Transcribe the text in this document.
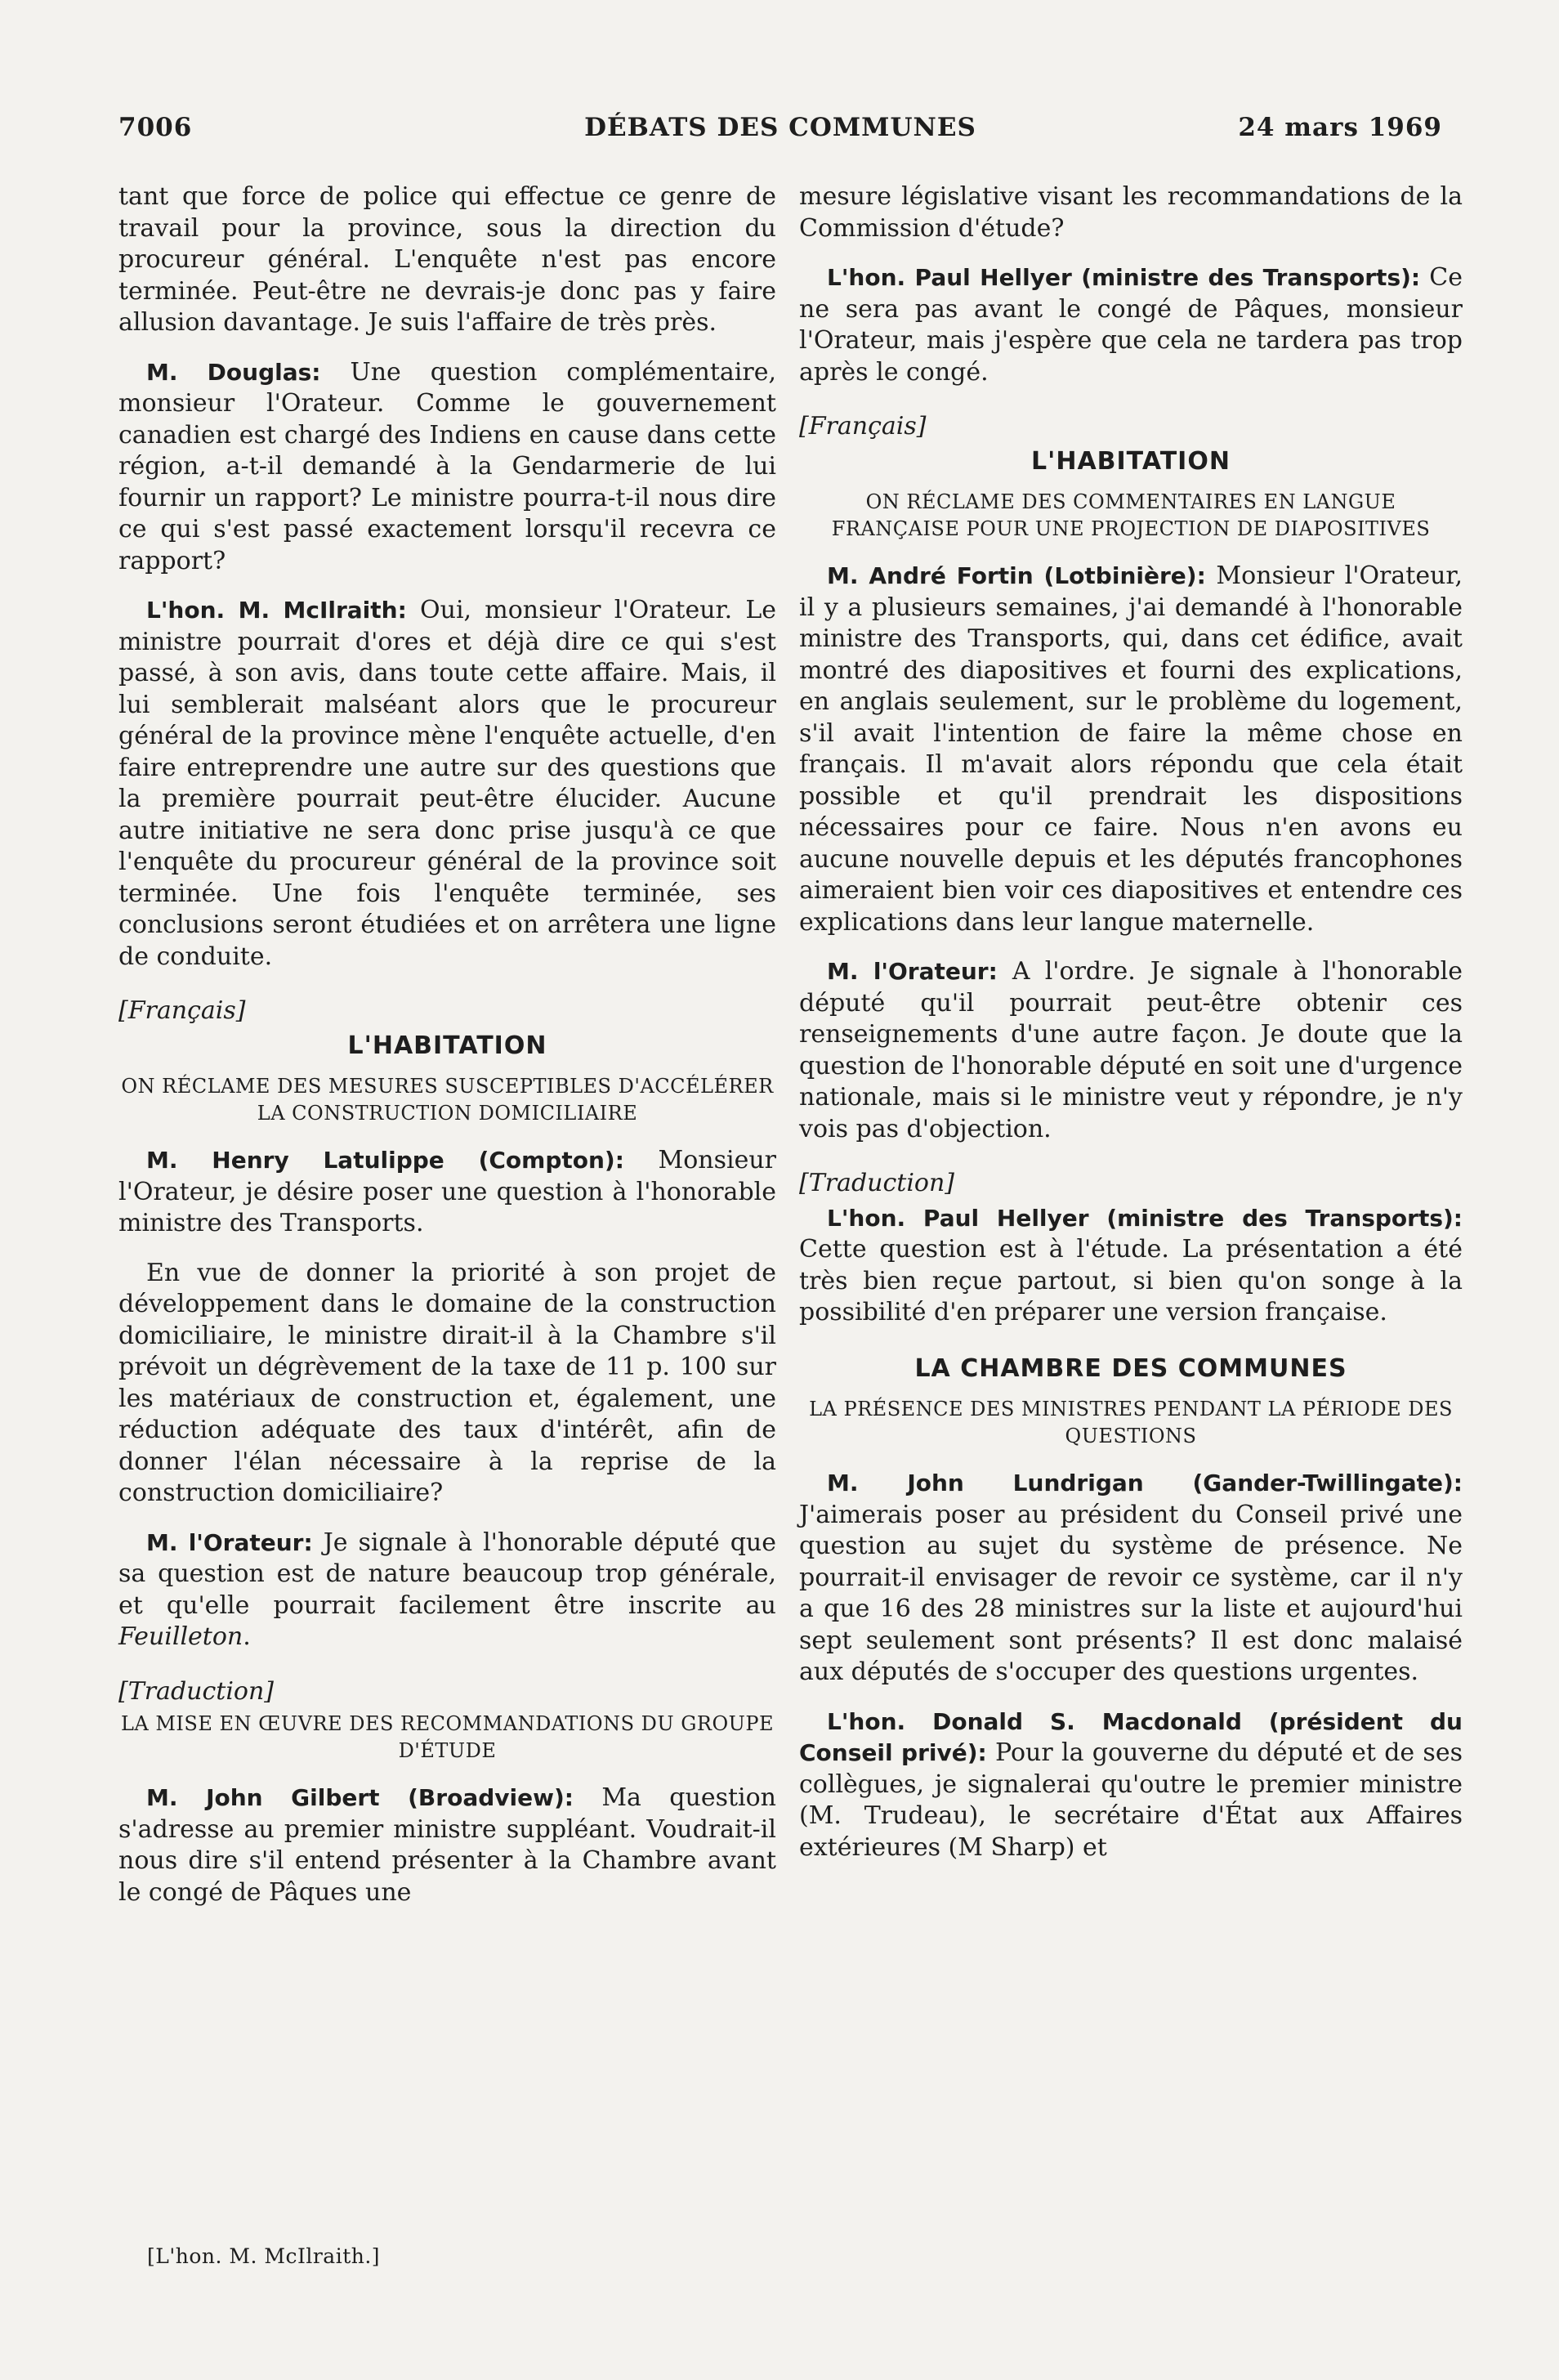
7006	DÉBATS DES COMMUNES	24 mars 1969

tant que force de police qui effectue ce genre de travail pour la province, sous la direction du procureur général. L'enquête n'est pas encore terminée. Peut-être ne devrais-je donc pas y faire allusion davantage. Je suis l'affaire de très près.

M. Douglas: Une question complémentaire, monsieur l'Orateur. Comme le gouvernement canadien est chargé des Indiens en cause dans cette région, a-t-il demandé à la Gendarmerie de lui fournir un rapport? Le ministre pourra-t-il nous dire ce qui s'est passé exactement lorsqu'il recevra ce rapport?

L'hon. M. McIlraith: Oui, monsieur l'Orateur. Le ministre pourrait d'ores et déjà dire ce qui s'est passé, à son avis, dans toute cette affaire. Mais, il lui semblerait malséant alors que le procureur général de la province mène l'enquête actuelle, d'en faire entreprendre une autre sur des questions que la première pourrait peut-être élucider. Aucune autre initiative ne sera donc prise jusqu'à ce que l'enquête du procureur général de la province soit terminée. Une fois l'enquête terminée, ses conclusions seront étudiées et on arrêtera une ligne de conduite.

[Français]
L'HABITATION
ON RÉCLAME DES MESURES SUSCEPTIBLES D'ACCÉLÉRER LA CONSTRUCTION DOMICILIAIRE

M. Henry Latulippe (Compton): Monsieur l'Orateur, je désire poser une question à l'honorable ministre des Transports.

En vue de donner la priorité à son projet de développement dans le domaine de la construction domiciliaire, le ministre dirait-il à la Chambre s'il prévoit un dégrèvement de la taxe de 11 p. 100 sur les matériaux de construction et, également, une réduction adéquate des taux d'intérêt, afin de donner l'élan nécessaire à la reprise de la construction domiciliaire?

M. l'Orateur: Je signale à l'honorable député que sa question est de nature beaucoup trop générale, et qu'elle pourrait facilement être inscrite au Feuilleton.

[Traduction]
LA MISE EN ŒUVRE DES RECOMMANDATIONS DU GROUPE D'ÉTUDE

M. John Gilbert (Broadview): Ma question s'adresse au premier ministre suppléant. Voudrait-il nous dire s'il entend présenter à la Chambre avant le congé de Pâques une

[L'hon. M. McIlraith.]

mesure législative visant les recommandations de la Commission d'étude?

L'hon. Paul Hellyer (ministre des Transports): Ce ne sera pas avant le congé de Pâques, monsieur l'Orateur, mais j'espère que cela ne tardera pas trop après le congé.

[Français]
L'HABITATION
ON RÉCLAME DES COMMENTAIRES EN LANGUE FRANÇAISE POUR UNE PROJECTION DE DIAPOSITIVES

M. André Fortin (Lotbinière): Monsieur l'Orateur, il y a plusieurs semaines, j'ai demandé à l'honorable ministre des Transports, qui, dans cet édifice, avait montré des diapositives et fourni des explications, en anglais seulement, sur le problème du logement, s'il avait l'intention de faire la même chose en français. Il m'avait alors répondu que cela était possible et qu'il prendrait les dispositions nécessaires pour ce faire. Nous n'en avons eu aucune nouvelle depuis et les députés francophones aimeraient bien voir ces diapositives et entendre ces explications dans leur langue maternelle.

M. l'Orateur: A l'ordre. Je signale à l'honorable député qu'il pourrait peut-être obtenir ces renseignements d'une autre façon. Je doute que la question de l'honorable député en soit une d'urgence nationale, mais si le ministre veut y répondre, je n'y vois pas d'objection.

[Traduction]

L'hon. Paul Hellyer (ministre des Transports): Cette question est à l'étude. La présentation a été très bien reçue partout, si bien qu'on songe à la possibilité d'en préparer une version française.

LA CHAMBRE DES COMMUNES
LA PRÉSENCE DES MINISTRES PENDANT LA PÉRIODE DES QUESTIONS

M. John Lundrigan (Gander-Twillingate): J'aimerais poser au président du Conseil privé une question au sujet du système de présence. Ne pourrait-il envisager de revoir ce système, car il n'y a que 16 des 28 ministres sur la liste et aujourd'hui sept seulement sont présents? Il est donc malaisé aux députés de s'occuper des questions urgentes.

L'hon. Donald S. Macdonald (président du Conseil privé): Pour la gouverne du député et de ses collègues, je signalerai qu'outre le premier ministre (M. Trudeau), le secrétaire d'État aux Affaires extérieures (M Sharp) et
